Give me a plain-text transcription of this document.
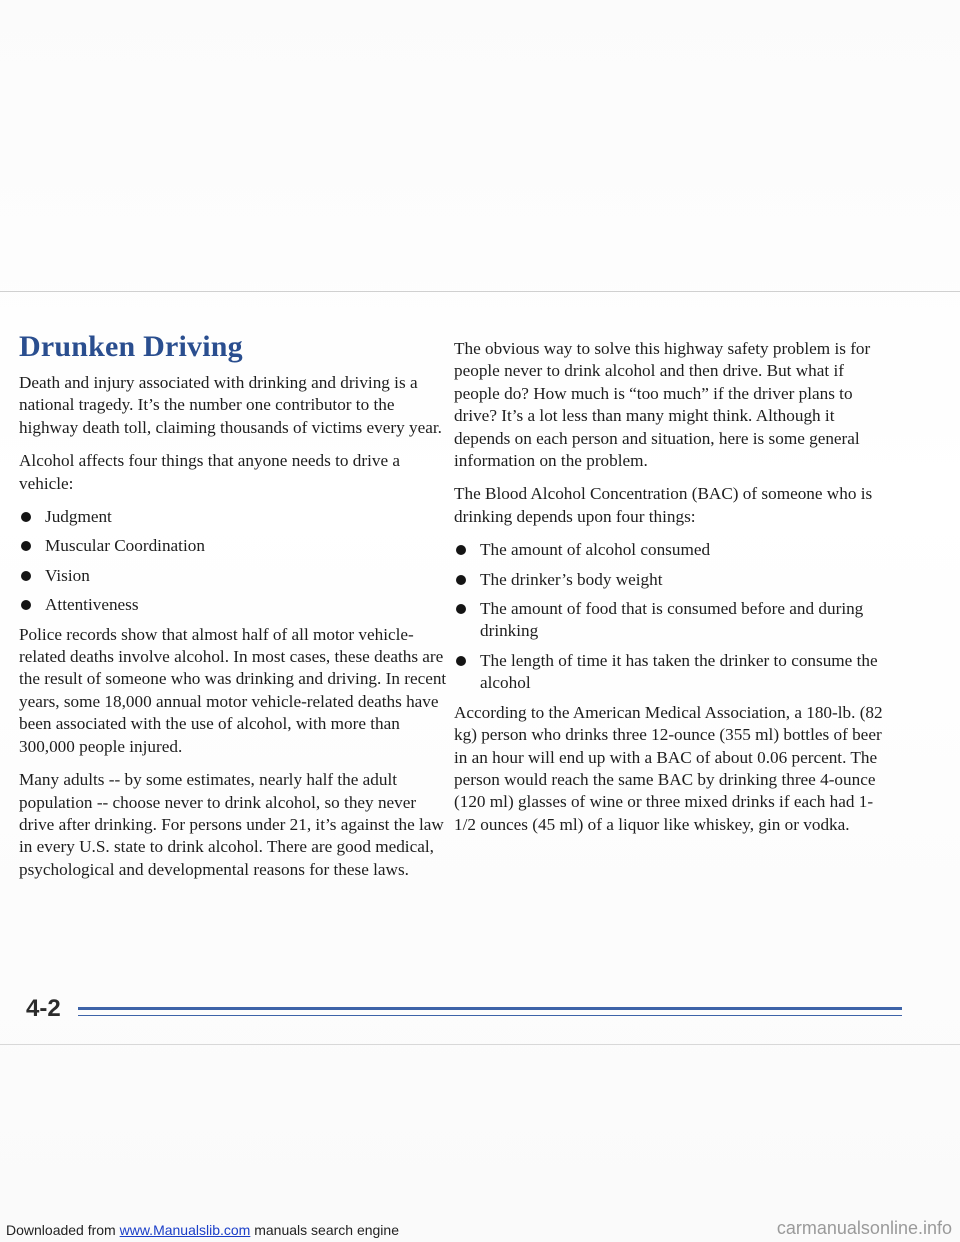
Drunken Driving

Death and injury associated with drinking and driving is a national tragedy. It’s the number one contributor to the highway death toll, claiming thousands of victims every year.

Alcohol affects four things that anyone needs to drive a vehicle:

Judgment
Muscular Coordination
Vision
Attentiveness

Police records show that almost half of all motor vehicle-related deaths involve alcohol. In most cases, these deaths are the result of someone who was drinking and driving. In recent years, some 18,000 annual motor vehicle-related deaths have been associated with the use of alcohol, with more than 300,000 people injured.

Many adults -- by some estimates, nearly half the adult population -- choose never to drink alcohol, so they never drive after drinking. For persons under 21, it’s against the law in every U.S. state to drink alcohol. There are good medical, psychological and developmental reasons for these laws.

The obvious way to solve this highway safety problem is for people never to drink alcohol and then drive. But what if people do? How much is “too much” if the driver plans to drive? It’s a lot less than many might think. Although it depends on each person and situation, here is some general information on the problem.

The Blood Alcohol Concentration (BAC) of someone who is drinking depends upon four things:

The amount of alcohol consumed
The drinker’s body weight
The amount of food that is consumed before and during drinking
The length of time it has taken the drinker to consume the alcohol

According to the American Medical Association, a 180-lb. (82 kg) person who drinks three 12-ounce (355 ml) bottles of beer in an hour will end up with a BAC of about 0.06 percent. The person would reach the same BAC by drinking three 4-ounce (120 ml) glasses of wine or three mixed drinks if each had 1-1/2 ounces (45 ml) of a liquor like whiskey, gin or vodka.

4-2
Downloaded from www.Manualslib.com manuals search engine	carmanualsonline.info
